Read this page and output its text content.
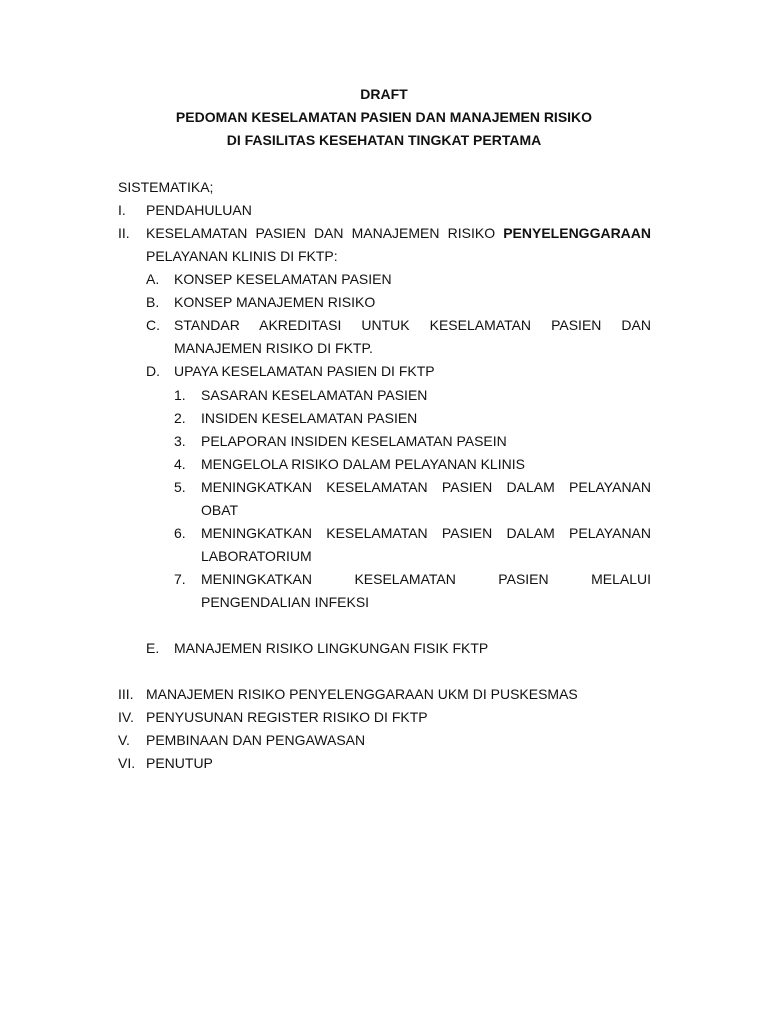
DRAFT
PEDOMAN KESELAMATAN PASIEN DAN MANAJEMEN RISIKO
DI FASILITAS KESEHATAN TINGKAT PERTAMA
SISTEMATIKA;
I. PENDAHULUAN
II. KESELAMATAN PASIEN DAN MANAJEMEN RISIKO PENYELENGGARAAN
PELAYANAN KLINIS DI FKTP:
A. KONSEP KESELAMATAN PASIEN
B. KONSEP MANAJEMEN RISIKO
C. STANDAR AKREDITASI UNTUK KESELAMATAN PASIEN DAN
MANAJEMEN RISIKO DI FKTP.
D. UPAYA KESELAMATAN PASIEN DI FKTP
1. SASARAN KESELAMATAN PASIEN
2. INSIDEN KESELAMATAN PASIEN
3. PELAPORAN INSIDEN KESELAMATAN PASEIN
4. MENGELOLA RISIKO DALAM PELAYANAN KLINIS
5. MENINGKATKAN KESELAMATAN PASIEN DALAM PELAYANAN
OBAT
6. MENINGKATKAN KESELAMATAN PASIEN DALAM PELAYANAN
LABORATORIUM
7. MENINGKATKAN KESELAMATAN PASIEN MELALUI
PENGENDALIAN INFEKSI
E. MANAJEMEN RISIKO LINGKUNGAN FISIK FKTP
III. MANAJEMEN RISIKO PENYELENGGARAAN UKM DI PUSKESMAS
IV. PENYUSUNAN REGISTER RISIKO DI FKTP
V. PEMBINAAN DAN PENGAWASAN
VI. PENUTUP
